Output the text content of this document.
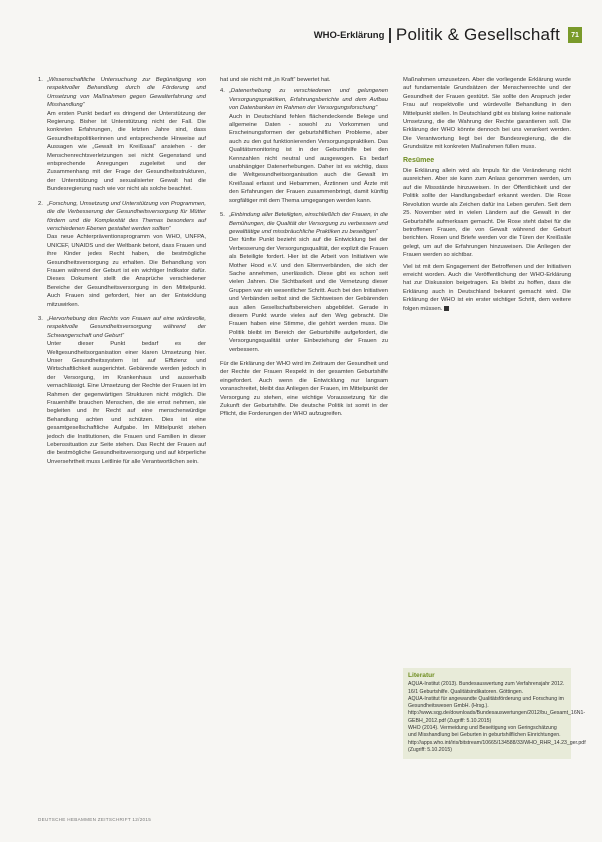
WHO-Erklärung Politik & Gesellschaft	71
1. „Wissenschaftliche Untersuchung zur Begünstigung von respektvoller Behandlung durch die Förderung und Umsetzung von Maßnahmen gegen Gewalterfahrung und Misshandlung“

Am ersten Punkt bedarf es dringend der Unterstützung der Regierung. Bisher ist Unterstützung nicht der Fall. Die konkreten Erfahrungen, die letzten Jahre sind, dass Gesundheitspolitikerinnen und entsprechende Hinweise auf Aussagen wie „Gewalt im Kreißsaal“ ansiehen - der Menschenrechtsverletzungen sei nicht Gegenstand und entsprechende Anregungen zugeleitet und der Zusammenhang mit der Frage der Gesundheitsstrukturen, der Unterstützung und sexualisierter Gewalt hat die Bundesregierung nach wie vor nicht als solche beachtet.

2. „Forschung, Umsetzung und Unterstützung von Programmen, die die Verbesserung der Gesundheitsversorgung für Mütter fördern und die Komplexität des Themas besonders auf verschiedenen Ebenen gestaltet werden sollten“

Das neue Achterpräventionsprogramm von WHO, UNFPA, UNICEF, UNAIDS und der Weltbank betont, dass Frauen und ihre Kinder jedes Recht haben, die bestmögliche Gesundheitsversorgung zu erhalten. Die Behandlung von Frauen während der Geburt ist ein wichtiger Indikator dafür. Dieses Dokument stellt die Ansprüche verschiedener Bereiche der Gesundheitsversorgung in den Mittelpunkt. Auch Frauen sind gefordert, hier an der Entwicklung mitzuwirken.

3. „Hervorhebung des Rechts von Frauen auf eine würdevolle, respektvolle Gesundheitsversorgung während der Schwangerschaft und Geburt“

Unter dieser Punkt bedarf es der Weltgesundheitsorganisation einer klaren Umsetzung hier. Unser Gesundheitssystem ist auf Effizienz und Wirtschaftlichkeit ausgerichtet. Gebärende werden jedoch in der Versorgung, im Krankenhaus und ausserhalb vernachlässigt. Eine Umsetzung der Rechte der Frauen ist im Rahmen der gegenwärtigen Strukturen nicht möglich. Die Frauenhilfe brauchen Menschen, die sie ernst nehmen, sie begleiten und ihr Recht auf eine menschenwürdige Behandlung achten und schützen. Dies ist eine gesamtgesellschaftliche Aufgabe. Im Mittelpunkt stehen jedoch die Institutionen, die Frauen und Familien in dieser Lebenssituation zur Seite stehen. Das Recht der Frauen auf die bestmögliche Gesundheitsversorgung und auf körperliche Unversehrtheit muss Leitlinie für alle Verantwortlichen sein.

hat und sie nicht mit „in Kraft“ bewertet hat.

4. „Datenerhebung zu verschiedenen und gelungenen Versorgungspraktiken, Erfahrungsberichte und dem Aufbau von Datenbanken im Rahmen der Versorgungsforschung“

Auch in Deutschland fehlen flächendeckende Belege und allgemeine Daten - sowohl zu Vorkommen und Erscheinungsformen der geburtshilflichen Probleme, aber auch zu den gut funktionierenden Versorgungspraktiken. Das Qualitätsmonitoring ist in der Geburtshilfe bei den Kennzahlen nicht neutral und ausgewogen. Es bedarf unabhängiger Datenerhebungen. Daher ist es wichtig, dass die Weltgesundheitsorganisation auch die Gewalt im Kreißsaal erfasst und Hebammen, Ärztinnen und Ärzte mit den Erfahrungen der Frauen zusammenbringt, damit künftig sorgfältiger mit dem Thema umgegangen werden kann.

5. „Einbindung aller Beteiligten, einschließlich der Frauen, in die Bemühungen, die Qualität der Versorgung zu verbessern und gewalttätige und missbräuchliche Praktiken zu beseitigen“

Der fünfte Punkt bezieht sich auf die Entwicklung bei der Verbesserung der Versorgungsqualität, der explizit die Frauen als Beteiligte fordert. Hier ist die Arbeit von Initiativen wie Mother Hood e.V. und den Elternverbänden, die sich der Sache annehmen, unerlässlich. Diese gibt es schon seit vielen Jahren. Die Sichtbarkeit und die Vernetzung dieser Gruppen war ein wesentlicher Schritt. Auch bei den Initiativen und Verbänden selbst sind die Sichtweisen der Gebärenden aus allen Gesellschaftsbereichen abgebildet. Gerade in diesem Punkt wurde vieles auf den Weg gebracht. Die Frauen haben eine Stimme, die gehört werden muss. Die Politik bleibt im Bereich der Geburtshilfe aufgefordert, die Versorgungsqualität unter Einbeziehung der Frauen zu verbessern.

Für die Erklärung der WHO wird im Zeitraum der Gesundheit und der Rechte der Frauen Respekt in der gesamten Geburtshilfe eingefordert. Auch wenn die Entwicklung nur langsam voranschreitet, bleibt das Anliegen der Frauen, im Mittelpunkt der Versorgung zu stehen, eine wichtige Voraussetzung für die Zukunft der Geburtshilfe. Die deutsche Politik ist somit in der Pflicht, die Forderungen der WHO aufzugreifen.

Maßnahmen umzusetzen. Aber die vorliegende Erklärung wurde auf fundamentale Grundsätzen der Menschenrechte und der Gesundheit der Frauen gestützt. Sie sollte den Anspruch jeder Frau auf respektvolle und würdevolle Behandlung in den Mittelpunkt stellen. In Deutschland gibt es bislang keine nationale Umsetzung, die die Wahrung der Rechte garantieren soll. Die Erklärung der WHO könnte dennoch bei uns verankert werden. Die Verantwortung liegt bei der Bundesregierung, die die Grundsätze mit konkreten Maßnahmen füllen muss.

Resümee

Die Erklärung allein wird als Impuls für die Veränderung nicht ausreichen. Aber sie kann zum Anlass genommen werden, um auf die Missstände hinzuweisen. In der Öffentlichkeit und der Politik sollte der Handlungsbedarf erkannt werden. Die Rose Revolution wurde als Zeichen dafür ins Leben gerufen. Seit dem 25. November wird in vielen Ländern auf die Gewalt in der Geburtshilfe aufmerksam gemacht. Die Rose steht dabei für die betroffenen Frauen, die von Gewalt während der Geburt berichten. Rosen und Briefe werden vor die Türen der Kreißsäle gelegt, um auf die Erfahrungen hinzuweisen. Die Anliegen der Frauen werden so sichtbar.

Viel ist mit dem Engagement der Betroffenen und der Initiativen erreicht worden. Auch die Veröffentlichung der WHO-Erklärung hat zur Diskussion beigetragen. Es bleibt zu hoffen, dass die Erklärung auch in Deutschland bekannt gemacht wird. Die Erklärung der WHO ist ein erster wichtiger Schritt, dem weitere folgen müssen.

Literatur
AQUA-Institut (2013). Bundesauswertung zum Verfahrensjahr 2012. 16/1 Geburtshilfe. Qualitätsindikatoren. Göttingen.
AQUA-Institut für angewandte Qualitätsförderung und Forschung im Gesundheitswesen GmbH. (Hrsg.). http://www.sqg.de/downloads/Bundesauswertungen/2012/bu_Gesamt_16N1-GEBH_2012.pdf (Zugriff: 5.10.2015)
WHO (2014). Vermeidung und Beseitigung von Geringschätzung und Misshandlung bei Geburten in geburtshilflichen Einrichtungen. http://apps.who.int/iris/bitstream/10665/134588/33/WHO_RHR_14.23_ger.pdf (Zugriff: 5.10.2015)
DEUTSCHE HEBAMMEN ZEITSCHRIFT 12/2015
